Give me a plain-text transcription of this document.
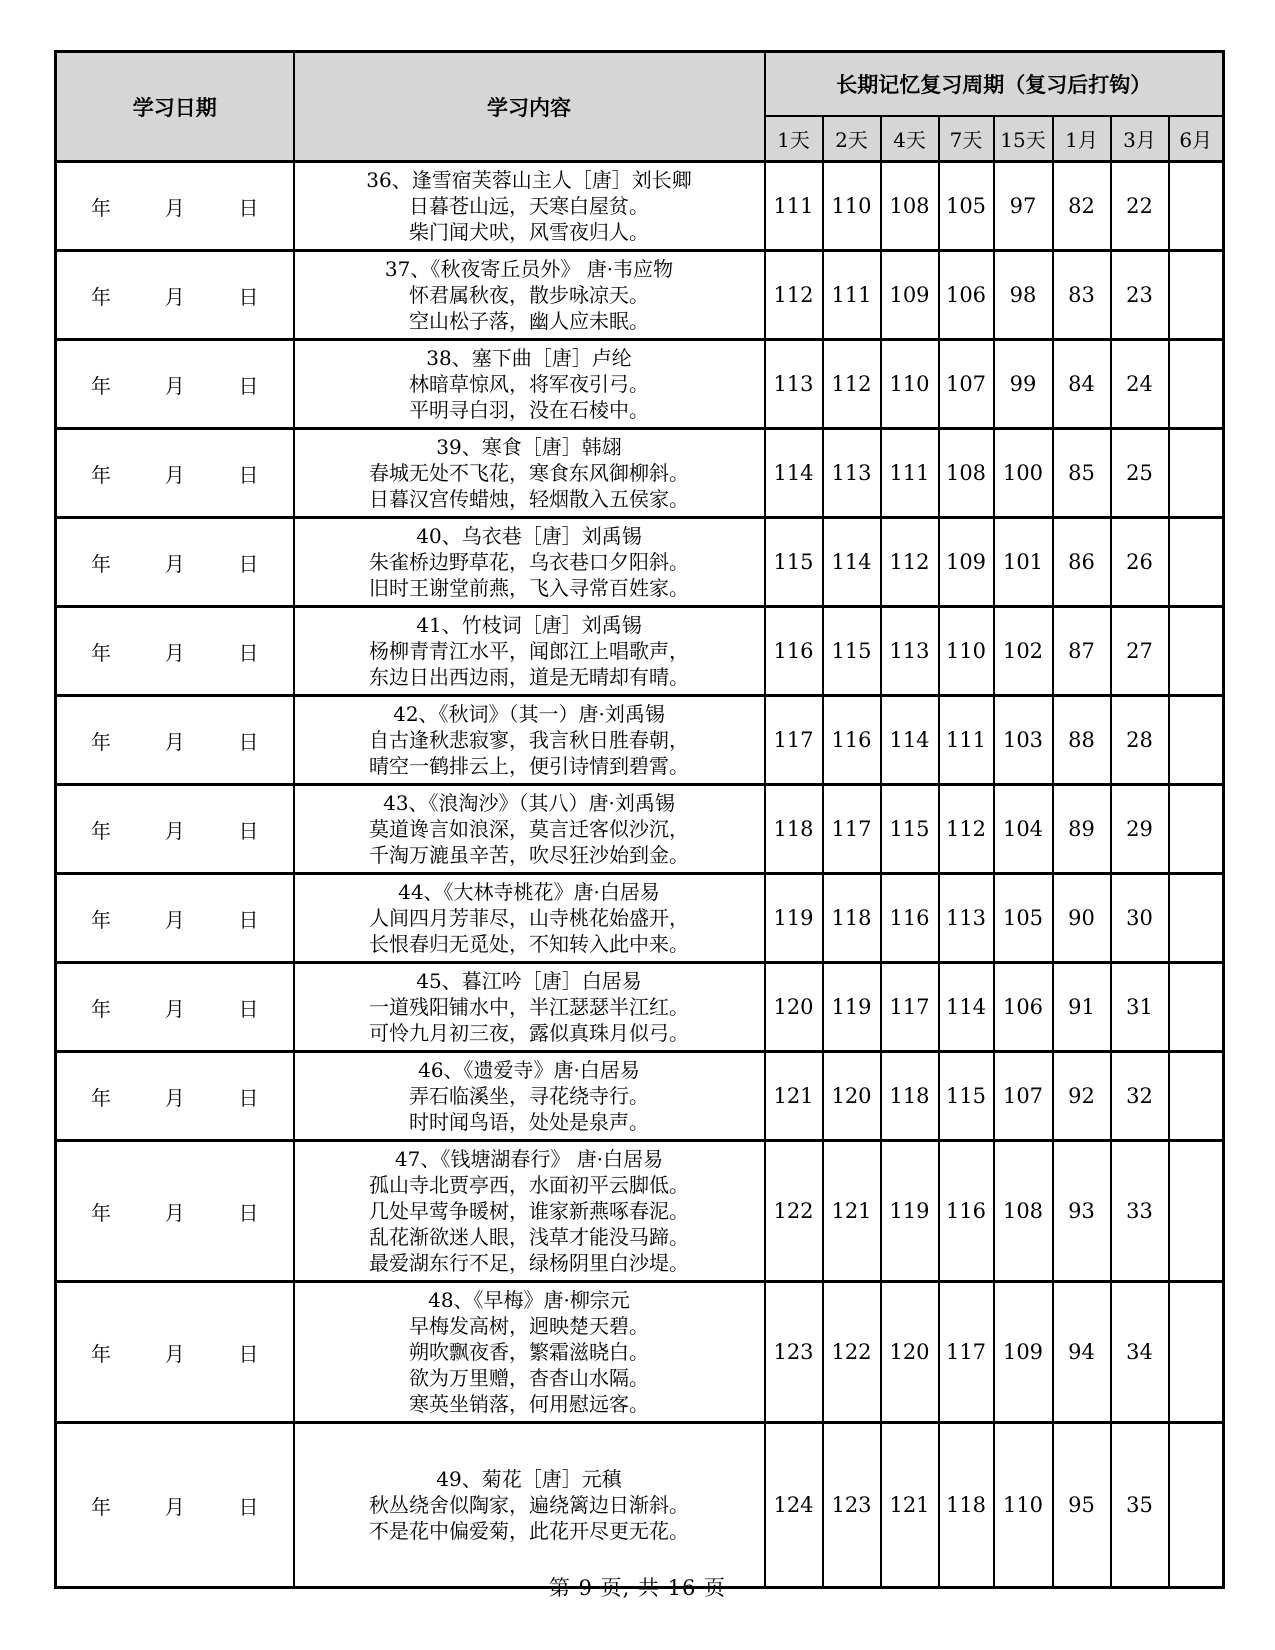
学习日期	学习内容	长期记忆复习周期（复习后打钩）							
		1天	2天	4天	7天	15天	1月	3月	6月

年	月	日

36、逢雪宿芙蓉山主人［唐］刘长卿
日暮苍山远，天寒白屋贫。
柴门闻犬吠，风雪夜归人。
	111	110	108	105	97	82	22	

年	月	日

37、《秋夜寄丘员外》 唐·韦应物
怀君属秋夜，散步咏凉天。
空山松子落，幽人应未眠。
	112	111	109	106	98	83	23	

年	月	日

38、塞下曲［唐］卢纶
林暗草惊风，将军夜引弓。
平明寻白羽，没在石棱中。
	113	112	110	107	99	84	24	

年	月	日

39、寒食［唐］韩翃
春城无处不飞花，寒食东风御柳斜。
日暮汉宫传蜡烛，轻烟散入五侯家。
	114	113	111	108	100	85	25	

年	月	日

40、乌衣巷［唐］刘禹锡
朱雀桥边野草花，乌衣巷口夕阳斜。
旧时王谢堂前燕，飞入寻常百姓家。
	115	114	112	109	101	86	26	

年	月	日

41、竹枝词［唐］刘禹锡
杨柳青青江水平，闻郎江上唱歌声，
东边日出西边雨，道是无晴却有晴。
	116	115	113	110	102	87	27	

年	月	日

42、《秋词》（其一）唐·刘禹锡
自古逢秋悲寂寥，我言秋日胜春朝，
晴空一鹤排云上，便引诗情到碧霄。
	117	116	114	111	103	88	28	

年	月	日

43、《浪淘沙》（其八）唐·刘禹锡
莫道谗言如浪深，莫言迁客似沙沉，
千淘万漉虽辛苦，吹尽狂沙始到金。
	118	117	115	112	104	89	29	

年	月	日

44、《大林寺桃花》唐·白居易
人间四月芳菲尽，山寺桃花始盛开，
长恨春归无觅处，不知转入此中来。
	119	118	116	113	105	90	30	

年	月	日

45、暮江吟［唐］白居易
一道残阳铺水中，半江瑟瑟半江红。
可怜九月初三夜，露似真珠月似弓。
	120	119	117	114	106	91	31	

年	月	日

46、《遗爱寺》唐·白居易
弄石临溪坐，寻花绕寺行。
时时闻鸟语，处处是泉声。
	121	120	118	115	107	92	32	

年	月	日

47、《钱塘湖春行》 唐·白居易
孤山寺北贾亭西，水面初平云脚低。
几处早莺争暖树，谁家新燕啄春泥。
乱花渐欲迷人眼，浅草才能没马蹄。
最爱湖东行不足，绿杨阴里白沙堤。
	122	121	119	116	108	93	33	

年	月	日

48、《早梅》唐·柳宗元
早梅发高树，迥映楚天碧。
朔吹飘夜香，繁霜滋晓白。
欲为万里赠，杳杳山水隔。
寒英坐销落，何用慰远客。
	123	122	120	117	109	94	34	

年	月	日

49、菊花［唐］元稹
秋丛绕舍似陶家，遍绕篱边日渐斜。
不是花中偏爱菊，此花开尽更无花。
	124	123	121	118	110	95	35	
第 9 页, 共 16 页
